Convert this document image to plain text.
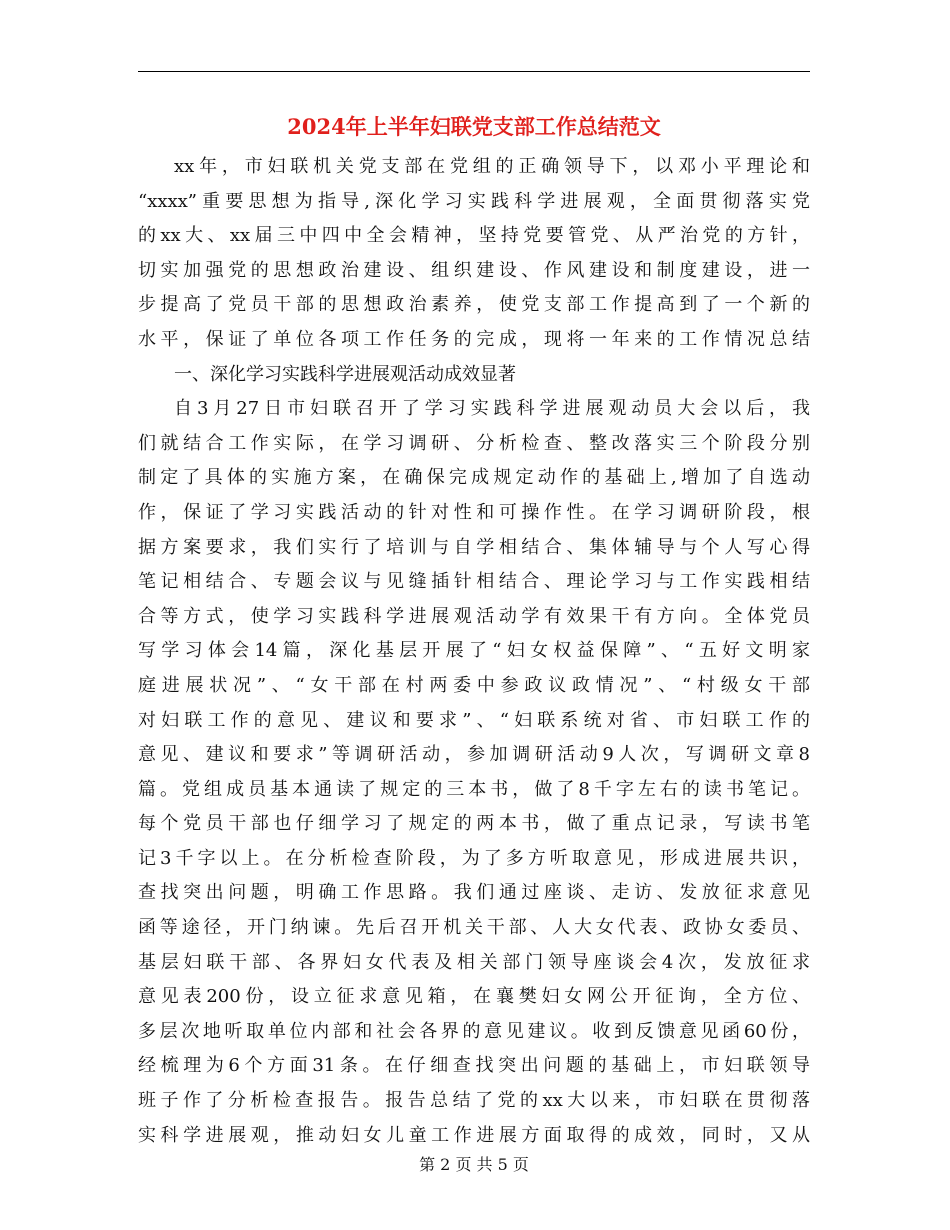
2024年上半年妇联党支部工作总结范文
xx年，市妇联机关党支部在党组的正确领导下，以邓小平理论和
“xxxx”重要思想为指导,深化学习实践科学进展观，全面贯彻落实党
的xx大、xx届三中四中全会精神，坚持党要管党、从严治党的方针，
切实加强党的思想政治建设、组织建设、作风建设和制度建设，进一
步提高了党员干部的思想政治素养，使党支部工作提高到了一个新的
水平，保证了单位各项工作任务的完成，现将一年来的工作情况总结
一、深化学习实践科学进展观活动成效显著
自3月27日市妇联召开了学习实践科学进展观动员大会以后，我
们就结合工作实际，在学习调研、分析检查、整改落实三个阶段分别
制定了具体的实施方案，在确保完成规定动作的基础上,增加了自选动
作，保证了学习实践活动的针对性和可操作性。在学习调研阶段，根
据方案要求，我们实行了培训与自学相结合、集体辅导与个人写心得
笔记相结合、专题会议与见缝插针相结合、理论学习与工作实践相结
合等方式，使学习实践科学进展观活动学有效果干有方向。全体党员
写学习体会14篇，深化基层开展了“妇女权益保障”、“五好文明家
庭进展状况”、“女干部在村两委中参政议政情况”、“村级女干部
对妇联工作的意见、建议和要求”、“妇联系统对省、市妇联工作的
意见、建议和要求”等调研活动，参加调研活动9人次，写调研文章8
篇。党组成员基本通读了规定的三本书，做了8千字左右的读书笔记。
每个党员干部也仔细学习了规定的两本书，做了重点记录，写读书笔
记3千字以上。在分析检查阶段，为了多方听取意见，形成进展共识，
查找突出问题，明确工作思路。我们通过座谈、走访、发放征求意见
函等途径，开门纳谏。先后召开机关干部、人大女代表、政协女委员、
基层妇联干部、各界妇女代表及相关部门领导座谈会4次，发放征求
意见表200份，设立征求意见箱，在襄樊妇女网公开征询，全方位、
多层次地听取单位内部和社会各界的意见建议。收到反馈意见函60份，
经梳理为6个方面31条。在仔细查找突出问题的基础上，市妇联领导
班子作了分析检查报告。报告总结了党的xx大以来，市妇联在贯彻落
实科学进展观，推动妇女儿童工作进展方面取得的成效，同时，又从
第 2 页 共 5 页
